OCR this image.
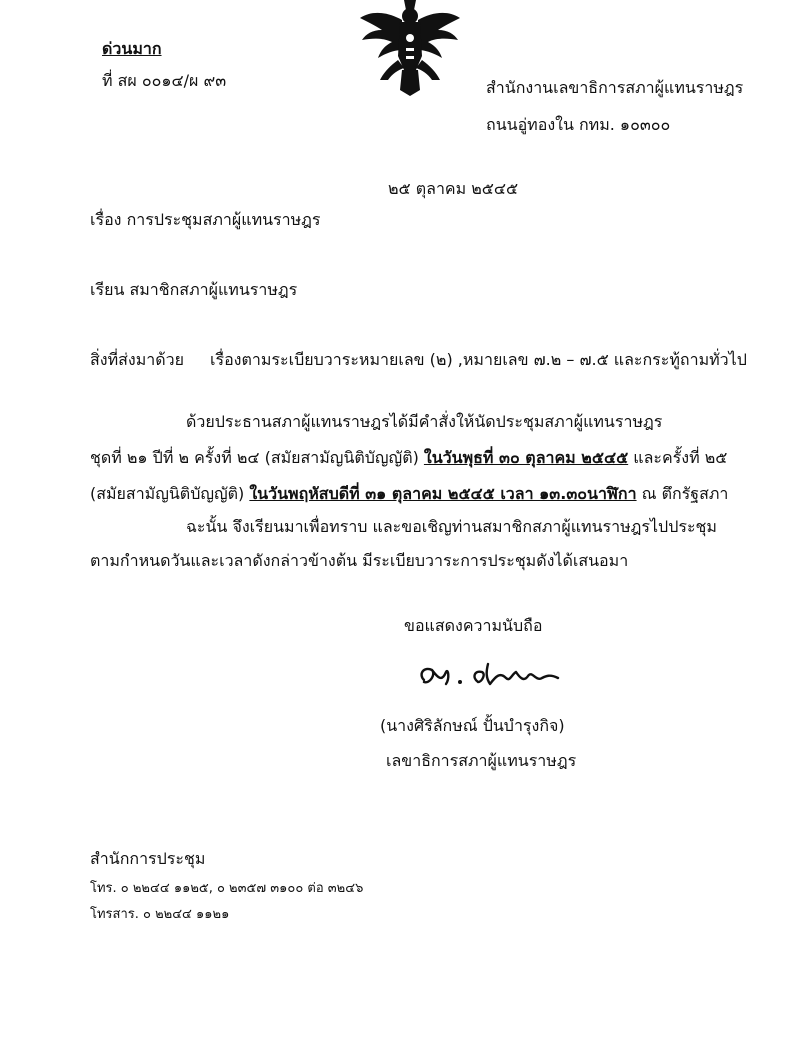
ด่วนมาก
ที่ สผ ๐๐๑๔/ผ ๙๓	สำนักงานเลขาธิการสภาผู้แทนราษฎร
ถนนอู่ทองใน กทม. ๑๐๓๐๐
๒๕ ตุลาคม ๒๕๔๕
เรื่อง การประชุมสภาผู้แทนราษฎร
เรียน สมาชิกสภาผู้แทนราษฎร
สิ่งที่ส่งมาด้วย เรื่องตามระเบียบวาระหมายเลข (๒) ,หมายเลข ๗.๒ – ๗.๕ และกระทู้ถามทั่วไป
ด้วยประธานสภาผู้แทนราษฎรได้มีคำสั่งให้นัดประชุมสภาผู้แทนราษฎร
ชุดที่ ๒๑ ปีที่ ๒ ครั้งที่ ๒๔ (สมัยสามัญนิติบัญญัติ) ในวันพุธที่ ๓๐ ตุลาคม ๒๕๔๕ และครั้งที่ ๒๕
(สมัยสามัญนิติบัญญัติ) ในวันพฤหัสบดีที่ ๓๑ ตุลาคม ๒๕๔๕ เวลา ๑๓.๓๐นาฬิกา ณ ตึกรัฐสภา
ฉะนั้น จึงเรียนมาเพื่อทราบ และขอเชิญท่านสมาชิกสภาผู้แทนราษฎรไปประชุม
ตามกำหนดวันและเวลาดังกล่าวข้างต้น มีระเบียบวาระการประชุมดังได้เสนอมา
ขอแสดงความนับถือ
(นางศิริลักษณ์ ปั้นบำรุงกิจ)
เลขาธิการสภาผู้แทนราษฎร
สำนักการประชุม
โทร. ๐ ๒๒๔๔ ๑๑๒๕, ๐ ๒๓๕๗ ๓๑๐๐ ต่อ ๓๒๔๖
โทรสาร. ๐ ๒๒๔๔ ๑๑๒๑
